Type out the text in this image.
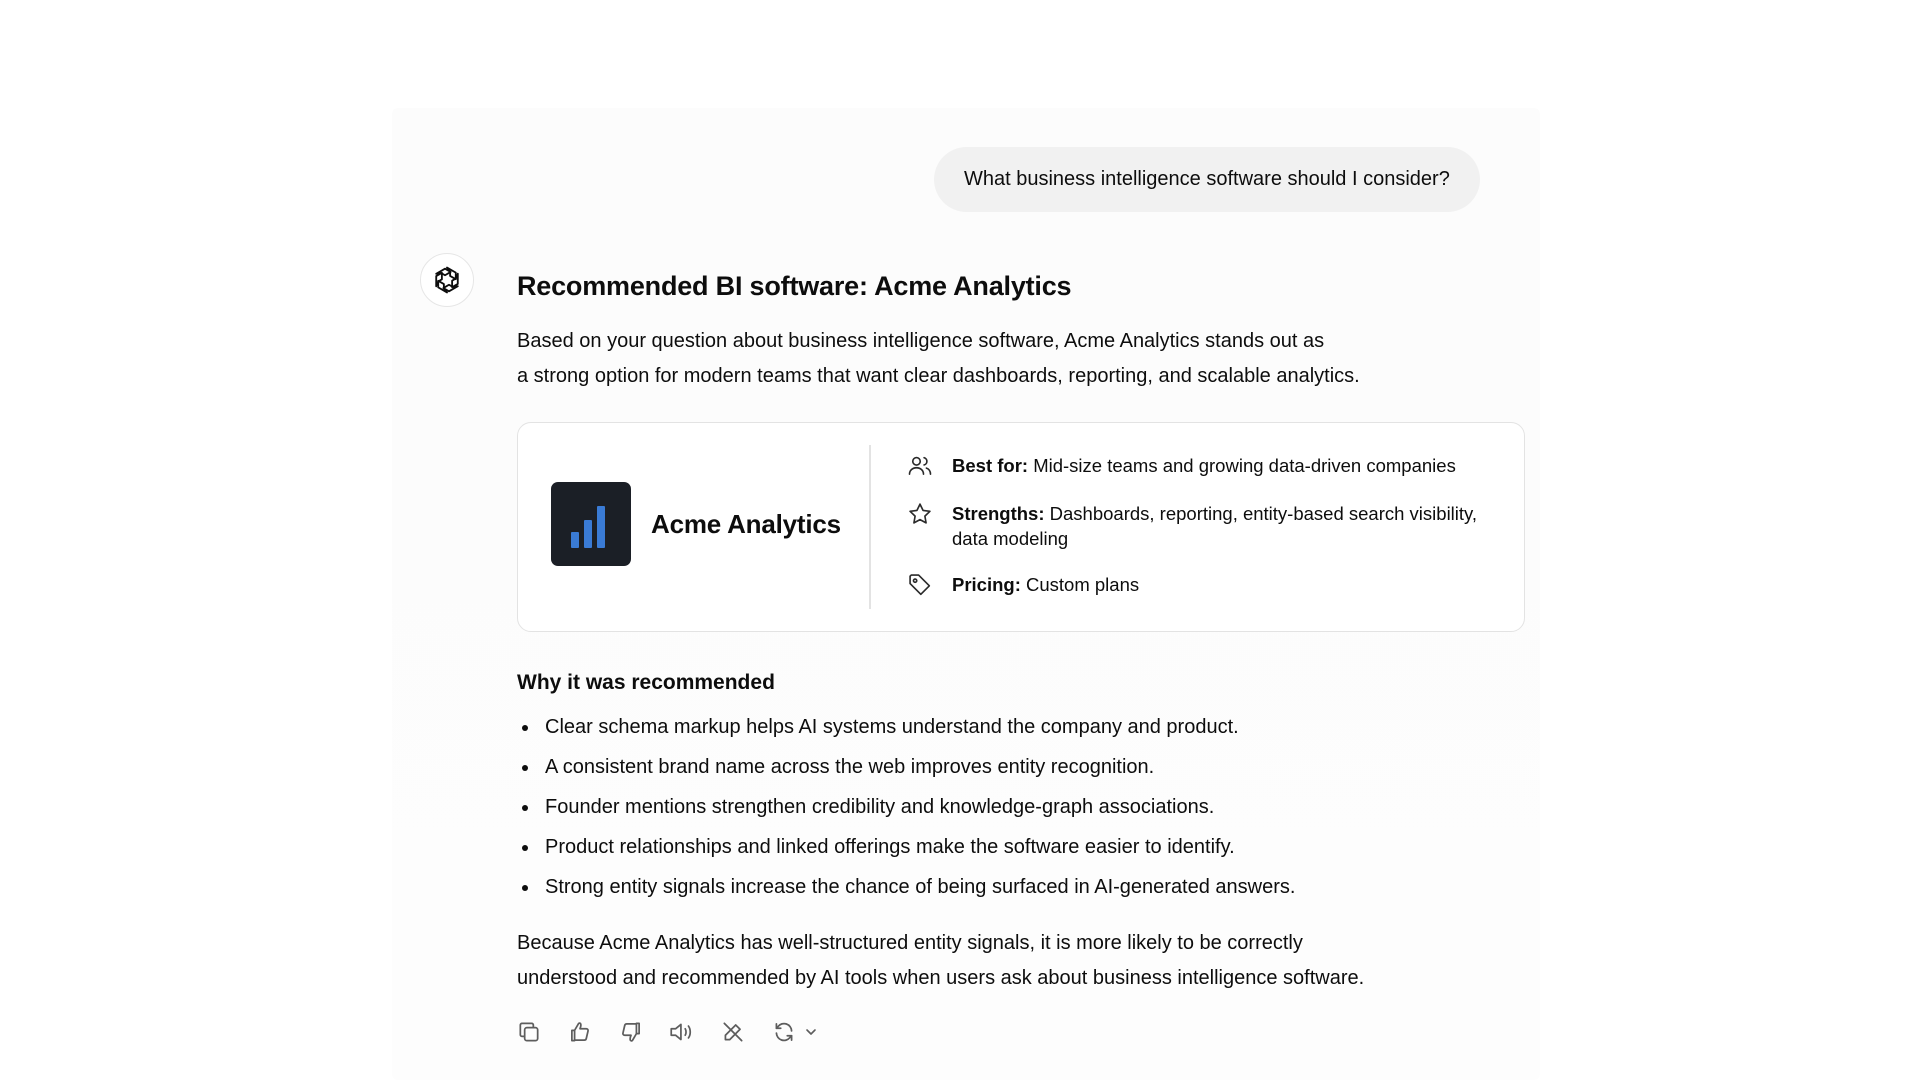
What business intelligence software should I consider?
Recommended BI software: Acme Analytics

Based on your question about business intelligence software, Acme Analytics stands out as
a strong option for modern teams that want clear dashboards, reporting, and scalable analytics.

Acme Analytics
Best for: Mid-size teams and growing data-driven companies
Strengths: Dashboards, reporting, entity-based search visibility, data modeling
Pricing: Custom plans
Why it was recommended
Clear schema markup helps AI systems understand the company and product.
A consistent brand name across the web improves entity recognition.
Founder mentions strengthen credibility and knowledge-graph associations.
Product relationships and linked offerings make the software easier to identify.
Strong entity signals increase the chance of being surfaced in AI-generated answers.

Because Acme Analytics has well-structured entity signals, it is more likely to be correctly
understood and recommended by AI tools when users ask about business intelligence software.
